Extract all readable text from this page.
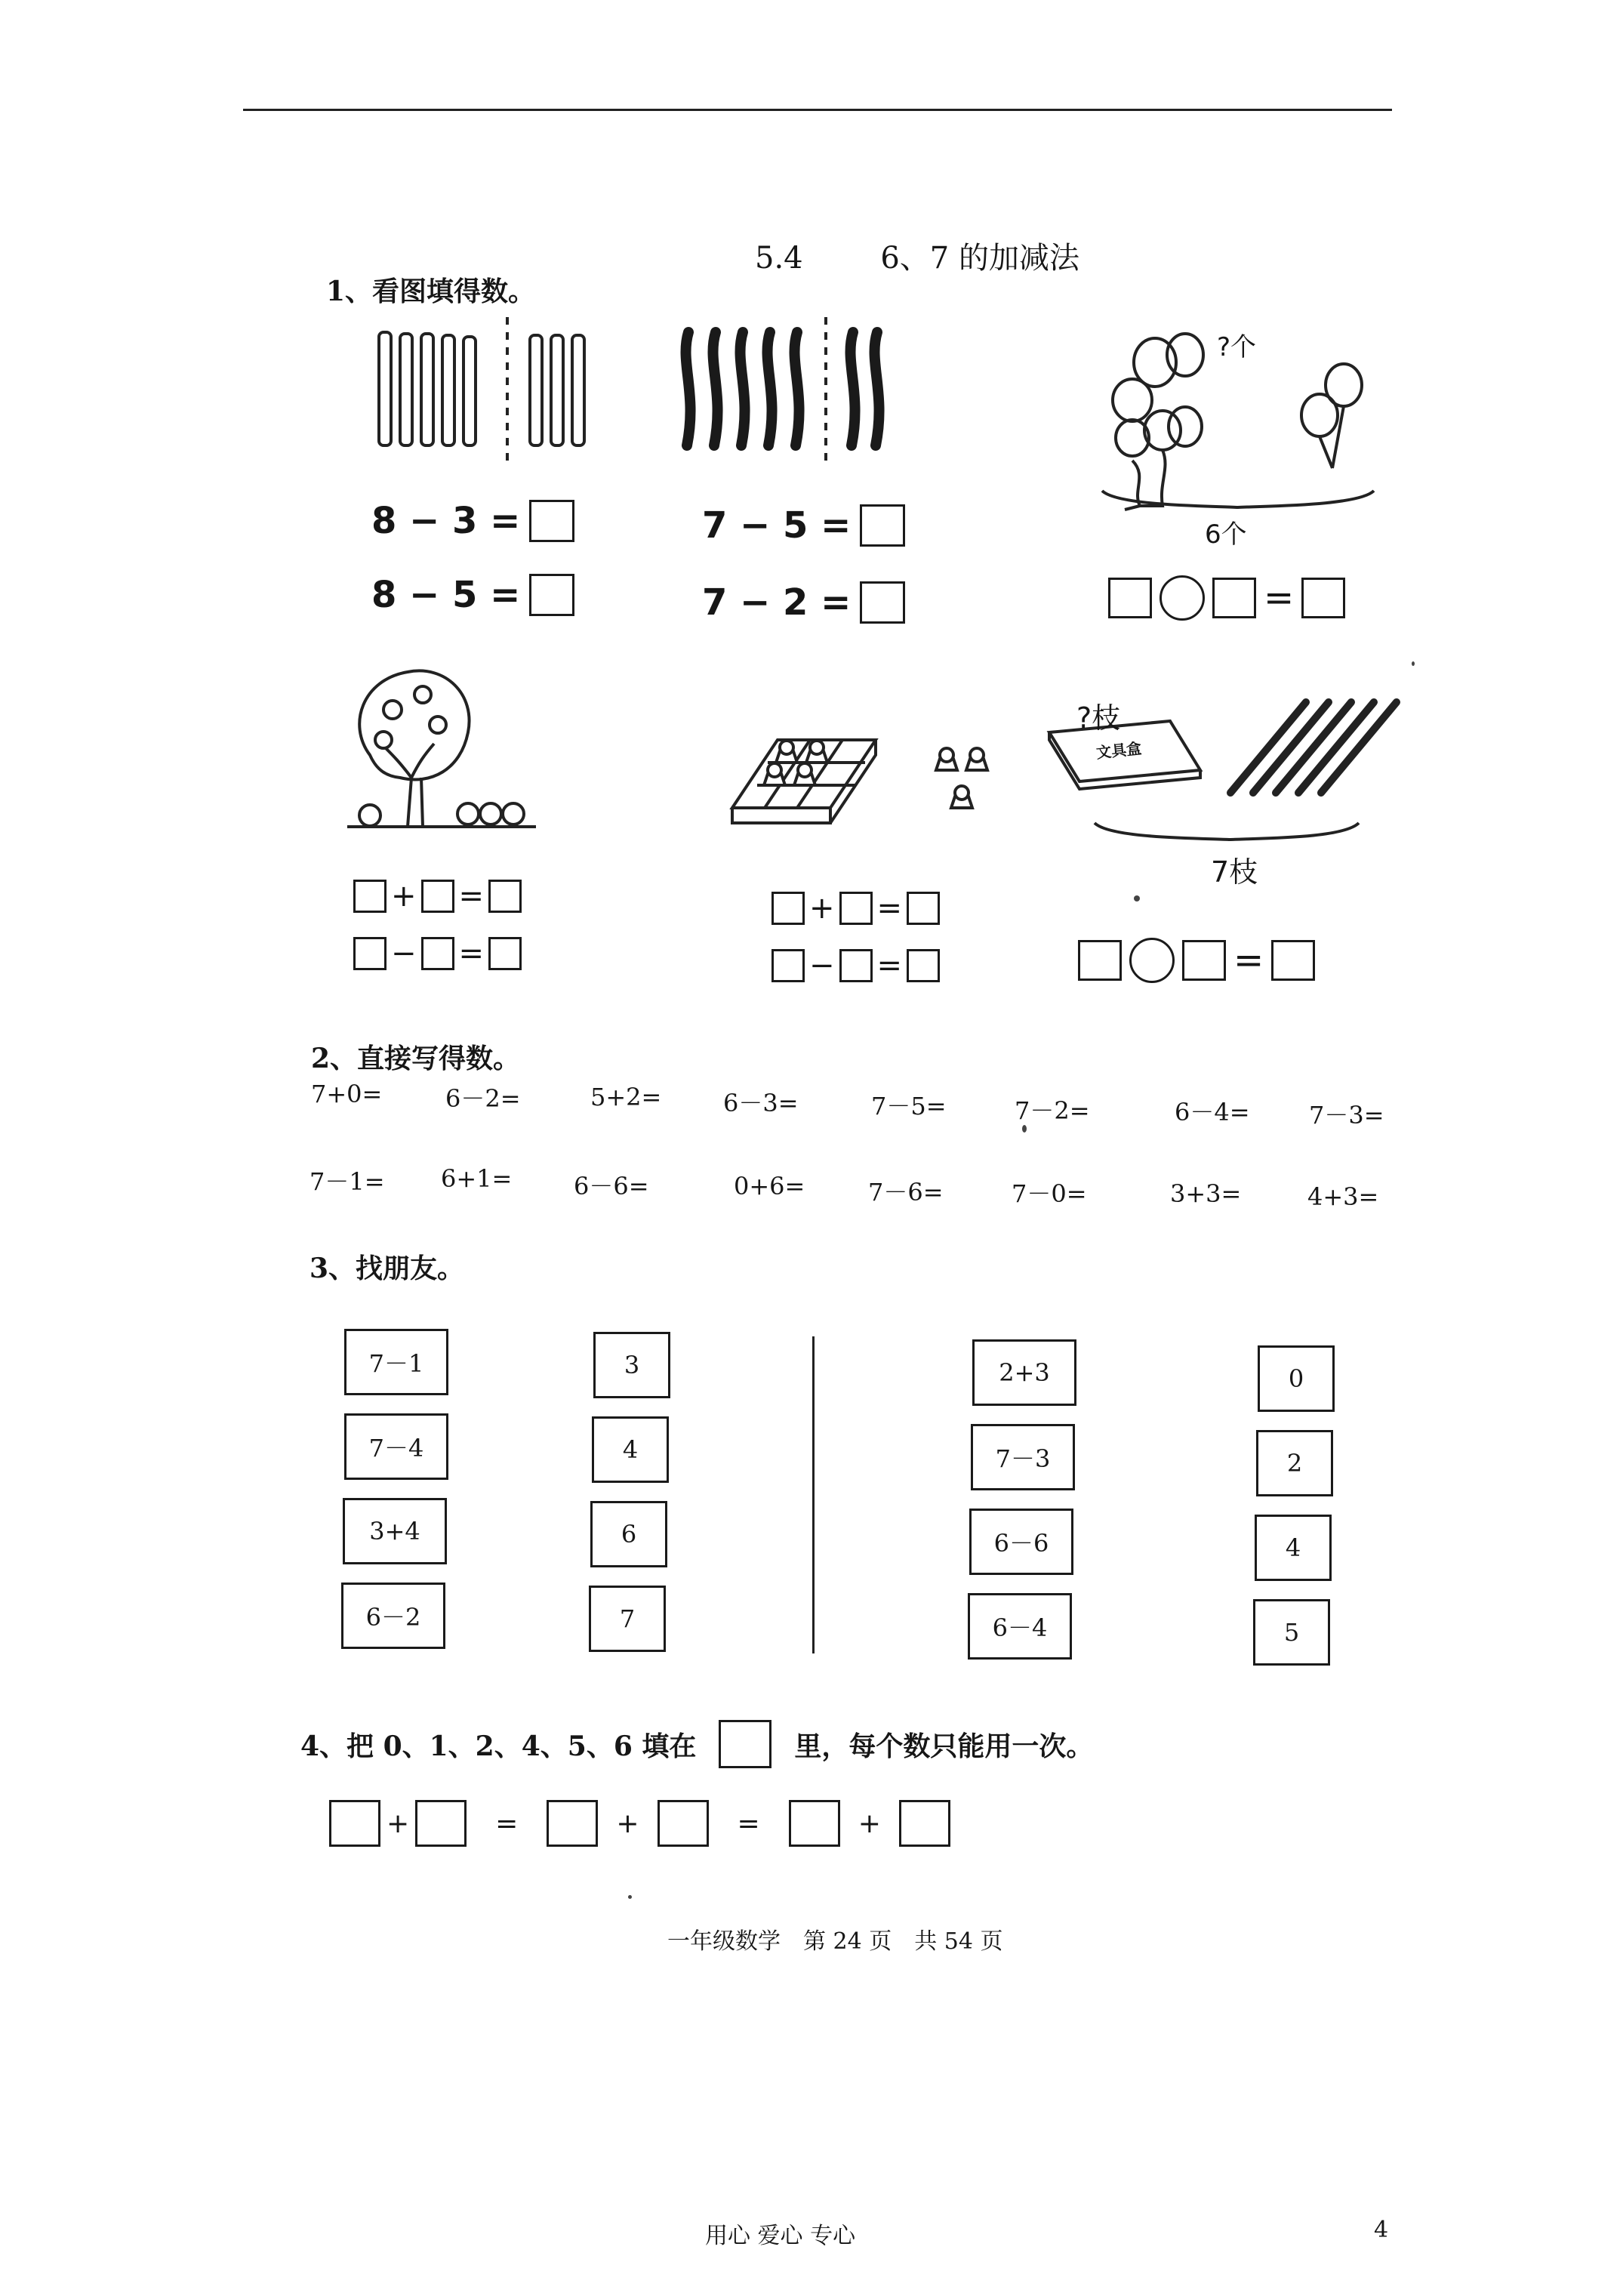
5.4	6、7 的加减法
1、看图填得数。
?个
6个
8 − 3 =
8 − 5 =
7 − 5 =
7 − 2 =	=
文具盒
?枝
7枝
+ =
− =
+ =
− =	=
2、直接写得数。
7+0=	6－2=	5+2=	6－3=	7－5=	7－2=	6－4= 7－3=
7－1= 6+1=	6－6=	0+6=	7－6=	7－0=	3+3=	4+3=
3、找朋友。
7－1
7－4
3+4
6－2
3
4
6
7
2+3
7－3
6－6
6－4
0
2
4
5
4、把 0、1、2、4、5、6 填在	里，每个数只能用一次。
+	=	+	=	+
一年级数学　第 24 页　共 54 页
用心 爱心 专心	4
